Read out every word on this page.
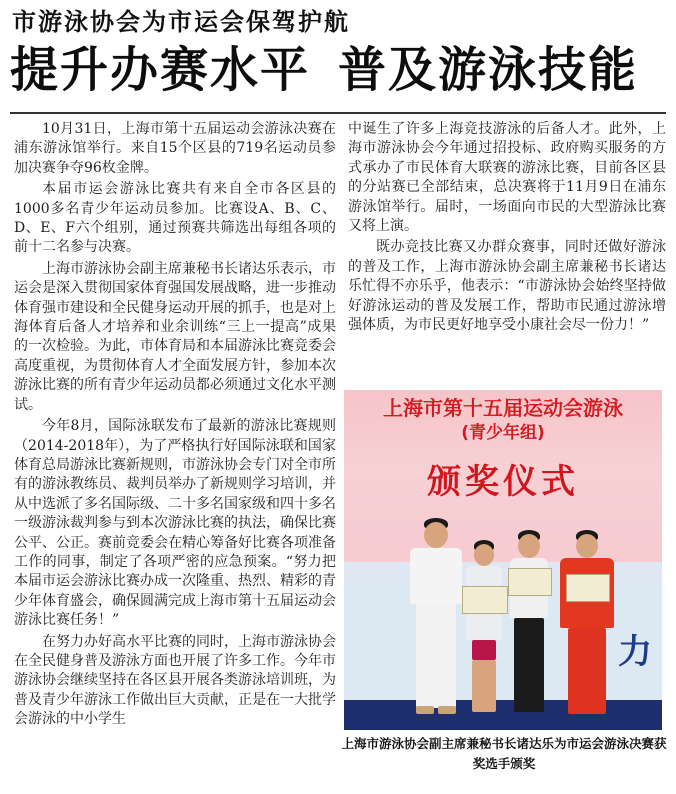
市游泳协会为市运会保驾护航
提升办赛水平 普及游泳技能

10月31日，上海市第十五届运动会游泳决赛在浦东游泳馆举行。来自15个区县的719名运动员参加决赛争夺96枚金牌。

本届市运会游泳比赛共有来自全市各区县的1000多名青少年运动员参加。比赛设A、B、C、D、E、F六个组别，通过预赛共筛选出每组各项的前十二名参与决赛。

上海市游泳协会副主席兼秘书长诸达乐表示，市运会是深入贯彻国家体育强国发展战略，进一步推动体育强市建设和全民健身运动开展的抓手，也是对上海体育后备人才培养和业余训练“三上一提高”成果的一次检验。为此，市体育局和本届游泳比赛竞委会高度重视，为贯彻体育人才全面发展方针，参加本次游泳比赛的所有青少年运动员都必须通过文化水平测试。

今年8月，国际泳联发布了最新的游泳比赛规则（2014-2018年），为了严格执行好国际泳联和国家体育总局游泳比赛新规则，市游泳协会专门对全市所有的游泳教练员、裁判员举办了新规则学习培训，并从中选派了多名国际级、二十多名国家级和四十多名一级游泳裁判参与到本次游泳比赛的执法，确保比赛公平、公正。赛前竞委会在精心筹备好比赛各项准备工作的同事，制定了各项严密的应急预案。“努力把本届市运会游泳比赛办成一次隆重、热烈、精彩的青少年体育盛会，确保圆满完成上海市第十五届运动会游泳比赛任务！”

在努力办好高水平比赛的同时，上海市游泳协会在全民健身普及游泳方面也开展了许多工作。今年市游泳协会继续坚持在各区县开展各类游泳培训班，为普及青少年游泳工作做出巨大贡献，正是在一大批学会游泳的中小学生

中诞生了许多上海竞技游泳的后备人才。此外，上海市游泳协会今年通过招投标、政府购买服务的方式承办了市民体育大联赛的游泳比赛，目前各区县的分站赛已全部结束，总决赛将于11月9日在浦东游泳馆举行。届时，一场面向市民的大型游泳比赛又将上演。

既办竞技比赛又办群众赛事，同时还做好游泳的普及工作，上海市游泳协会副主席兼秘书长诸达乐忙得不亦乐乎，他表示：“市游泳协会始终坚持做好游泳运动的普及发展工作，帮助市民通过游泳增强体质，为市民更好地享受小康社会尽一份力！”

上海市第十五届运动会游泳
(青少年组)
颁奖仪式
力
上海市游泳协会副主席兼秘书长诸达乐为市运会游泳决赛获奖选手颁奖
